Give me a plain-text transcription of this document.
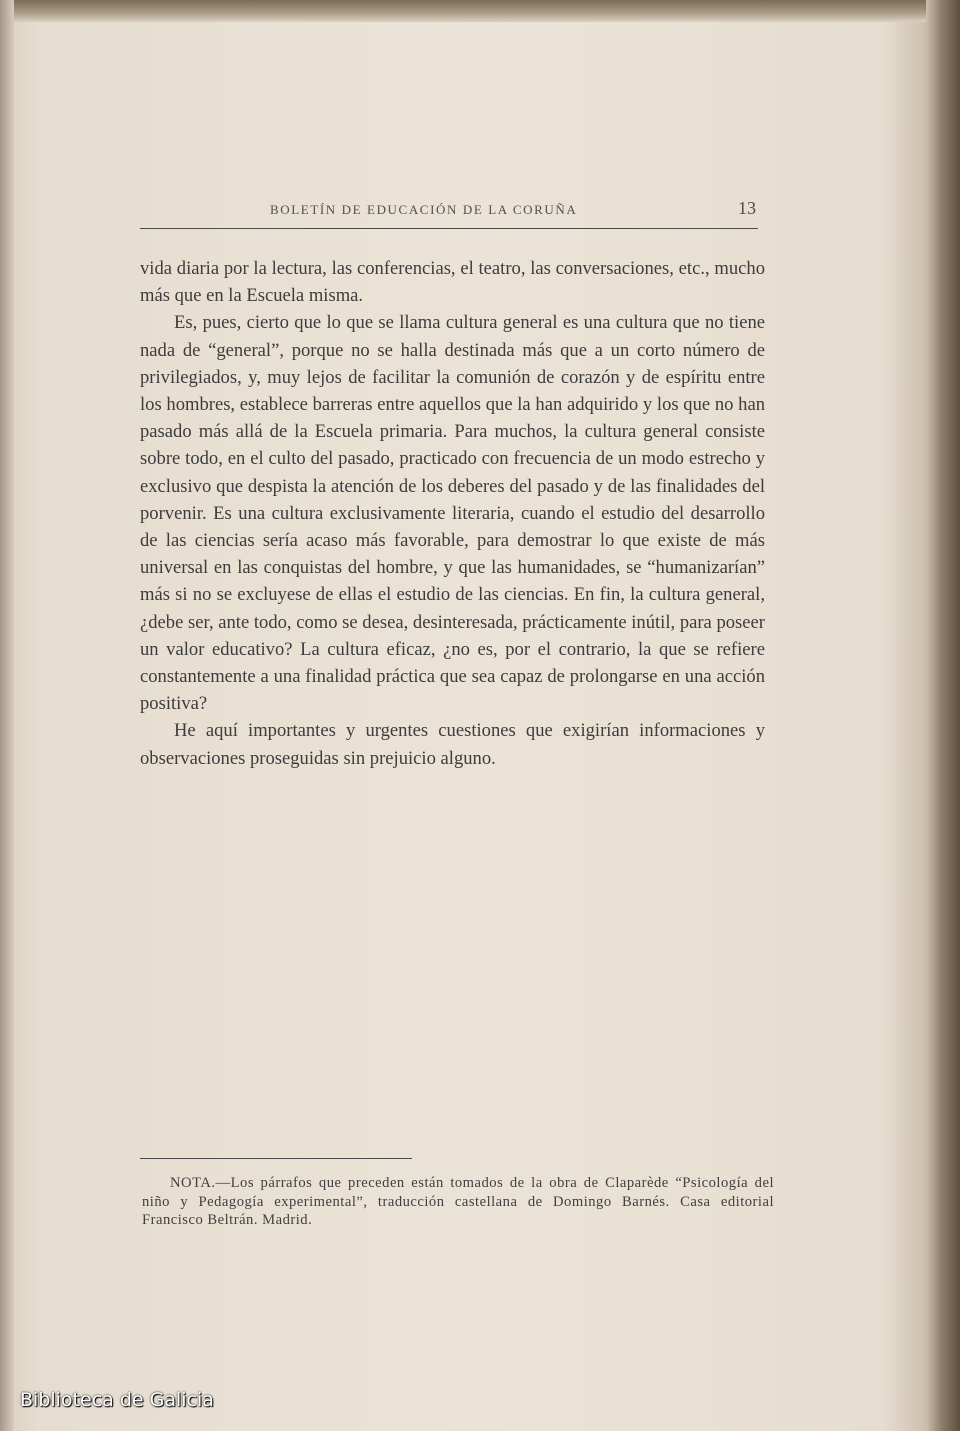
BOLETÍN DE EDUCACIÓN DE LA CORUÑA	13

vida diaria por la lectura, las conferencias, el teatro, las conversaciones, etc., mucho más que en la Escuela misma.

Es, pues, cierto que lo que se llama cultura general es una cultura que no tiene nada de “general”, porque no se halla destinada más que a un corto número de privilegiados, y, muy lejos de facilitar la comunión de corazón y de espíritu entre los hombres, establece barreras entre aquellos que la han adquirido y los que no han pasado más allá de la Escuela primaria. Para muchos, la cultura general consiste sobre todo, en el culto del pasado, practicado con frecuencia de un modo estrecho y exclusivo que despista la atención de los deberes del pasado y de las finalidades del porvenir. Es una cultura exclusivamente literaria, cuando el estudio del desarrollo de las ciencias sería acaso más favorable, para demostrar lo que existe de más universal en las conquistas del hombre, y que las humanidades, se “humanizarían” más si no se excluyese de ellas el estudio de las ciencias. En fin, la cultura general, ¿debe ser, ante todo, como se desea, desinteresada, prácticamente inútil, para poseer un valor educativo? La cultura eficaz, ¿no es, por el contrario, la que se refiere constantemente a una finalidad práctica que sea capaz de prolongarse en una acción positiva?

He aquí importantes y urgentes cuestiones que exigirían informaciones y observaciones proseguidas sin prejuicio alguno.

NOTA.—Los párrafos que preceden están tomados de la obra de Claparède “Psicología del niño y Pedagogía experimental”, traducción castellana de Domingo Barnés. Casa editorial Francisco Beltrán. Madrid.
Biblioteca de Galicia
